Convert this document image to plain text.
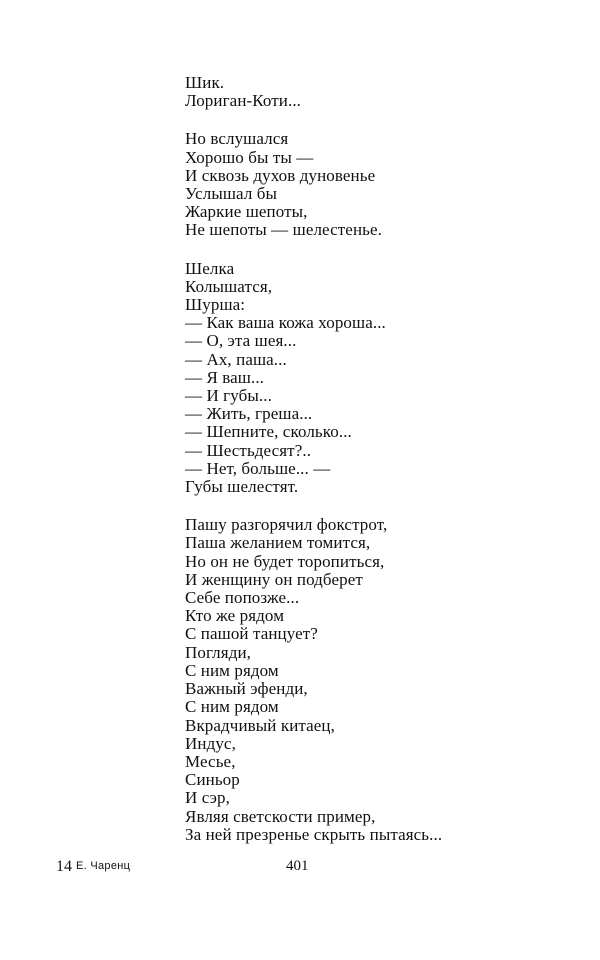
Шик.
Лориган-Коти...
Но вслушался
Хорошо бы ты —
И сквозь духов дуновенье
Услышал бы
Жаркие шепоты,
Не шепоты — шелестенье.
Шелка
Колышатся,
Шурша:
— Как ваша кожа хороша...
— О, эта шея...
— Ах, паша...
— Я ваш...
— И губы...
— Жить, греша...
— Шепните, сколько...
— Шестьдесят?..
— Нет, больше... —
Губы шелестят.
Пашу разгорячил фокстрот,
Паша желанием томится,
Но он не будет торопиться,
И женщину он подберет
Себе попозже...
Кто же рядом
С пашой танцует?
Погляди,
С ним рядом
Важный эфенди,
С ним рядом
Вкрадчивый китаец,
Индус,
Месье,
Синьор
И сэр,
Являя светскости пример,
За ней презренье скрыть пытаясь...
14 Е. Чаренц	401
